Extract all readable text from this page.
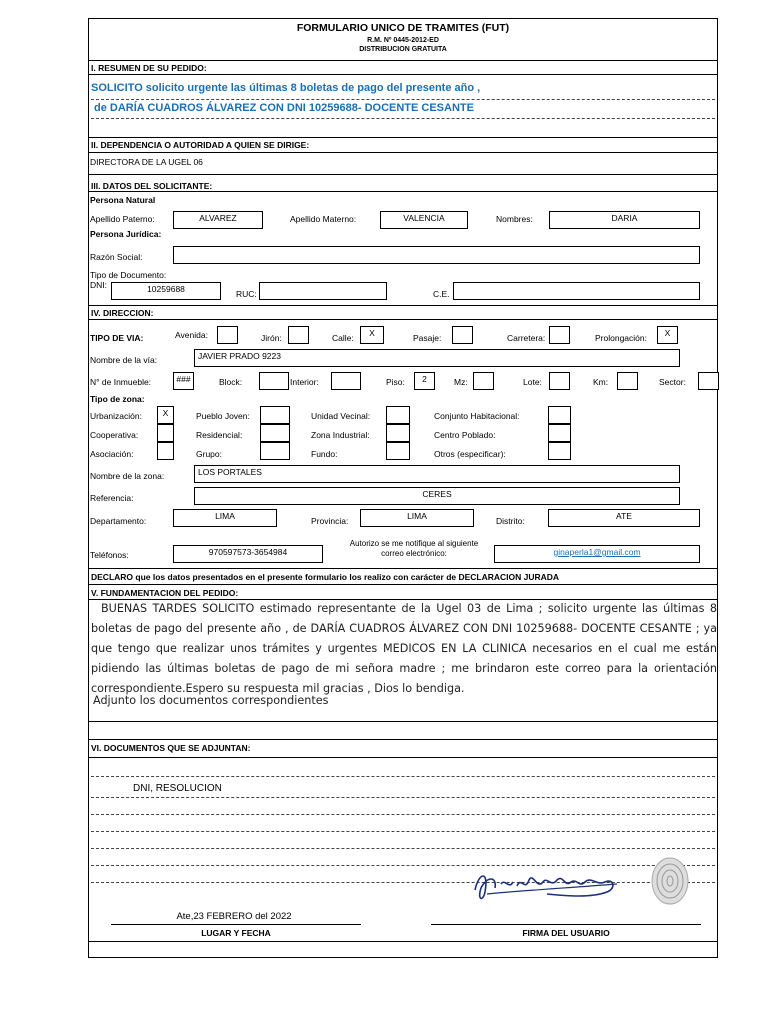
FORMULARIO UNICO DE TRAMITES (FUT)
R.M. Nº 0445-2012-ED
DISTRIBUCION GRATUITA
I. RESUMEN DE SU PEDIDO:
SOLICITO solicito urgente las últimas 8 boletas de pago del presente año ,
de DARÍA CUADROS ÁLVAREZ CON DNI 10259688- DOCENTE CESANTE
II. DEPENDENCIA O AUTORIDAD A QUIEN SE DIRIGE:
DIRECTORA DE LA UGEL 06
III. DATOS DEL SOLICITANTE:
Persona Natural
Apellido Paterno:	ALVAREZ	Apellido Materno:	VALENCIA	Nombres:	DARIA
Persona Jurídica:
Razón Social:
Tipo de Documento:
DNI:	10259688	RUC:	C.E.
IV. DIRECCION:
TIPO DE VIA:	Avenida:	Jirón:	Calle:	X	Pasaje:	Carretera:	Prolongación:	X
Nombre de la vía:	JAVIER PRADO 9223
N° de Inmueble:	###	Block:	Interior:	Piso:	2	Mz:	Lote:	Km:	Sector:
Tipo de zona:
Urbanización:	X	Pueblo Joven:	Unidad Vecinal:	Conjunto Habitacional:
Cooperativa:	Residencial:	Zona Industrial:	Centro Poblado:
Asociación:	Grupo:	Fundo:	Otros (especificar):
Nombre de la zona:	LOS PORTALES
Referencia:	CERES
Departamento:	LIMA	Provincia:	LIMA	Distrito:	ATE
Teléfonos:	970597573-3654984
Autorizo se me notifique al siguiente
correo electrónico:	ginaperla1@gmail.com
DECLARO que los datos presentados en el presente formulario los realizo con carácter de DECLARACION JURADA
V. FUNDAMENTACION DEL PEDIDO:
BUENAS TARDES SOLICITO estimado representante de la Ugel 03 de Lima ; solicito urgente las últimas 8 boletas de pago del presente año , de DARÍA CUADROS ÁLVAREZ CON DNI 10259688- DOCENTE CESANTE ; ya que tengo que realizar unos trámites y urgentes MEDICOS EN LA CLINICA necesarios en el cual me están pidiendo las últimas boletas de pago de mi señora madre ; me brindaron este correo para la orientación correspondiente.Espero su respuesta mil gracias , Dios lo bendiga.
Adjunto los documentos correspondientes
VI. DOCUMENTOS QUE SE ADJUNTAN:
DNI, RESOLUCION
Ate,23 FEBRERO del 2022
LUGAR Y FECHA	FIRMA DEL USUARIO
